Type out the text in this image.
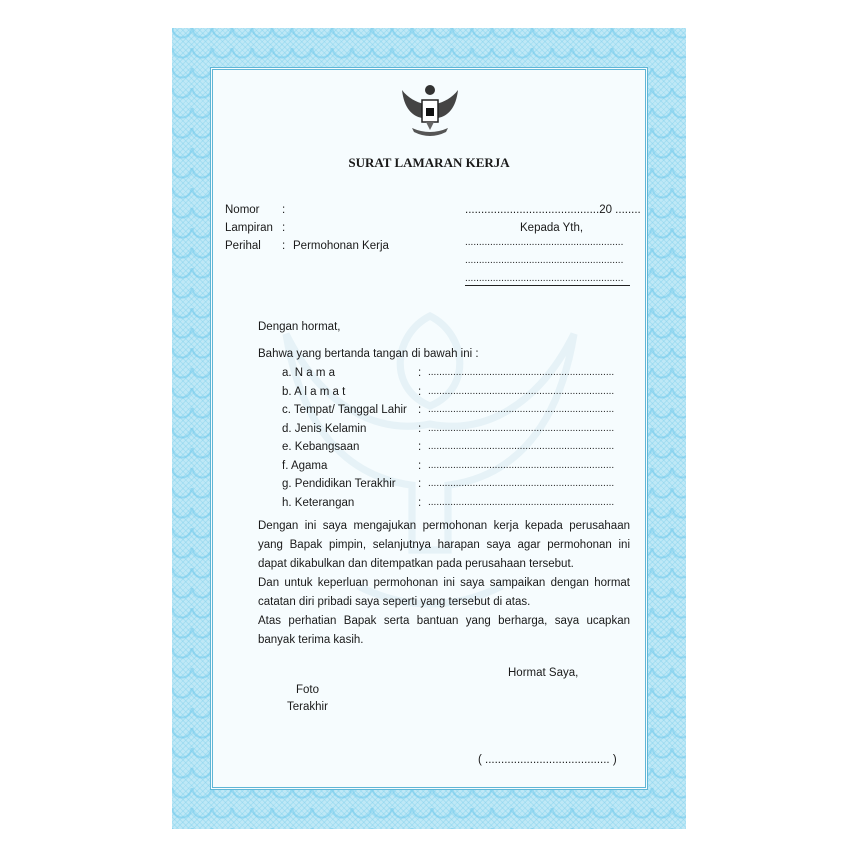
SURAT LAMARAN KERJA
Nomor :
Lampiran :
Perihal : Permohonan Kerja
..........................................20 ........
Kepada Yth,
.........................................................
.........................................................
.........................................................
Dengan hormat,
Bahwa yang bertanda tangan di bawah ini :
a. N a m a	: ...................................................................
b. A l a m a t	: ...................................................................
c. Tempat/ Tanggal Lahir : ...................................................................
d. Jenis Kelamin	: ...................................................................
e. Kebangsaan	: ...................................................................
f. Agama	: ...................................................................
g. Pendidikan Terakhir : ...................................................................
h. Keterangan	: ...................................................................

Dengan ini saya mengajukan permohonan kerja kepada perusahaan yang Bapak pimpin, selanjutnya harapan saya agar permohonan ini dapat dikabulkan dan ditempatkan pada perusahaan tersebut.

Dan untuk keperluan permohonan ini saya sampaikan dengan hormat catatan diri pribadi saya seperti yang tersebut di atas.

Atas perhatian Bapak serta bantuan yang berharga, saya ucapkan banyak terima kasih.

Hormat Saya,
Foto
Terakhir
( ....................................... )
